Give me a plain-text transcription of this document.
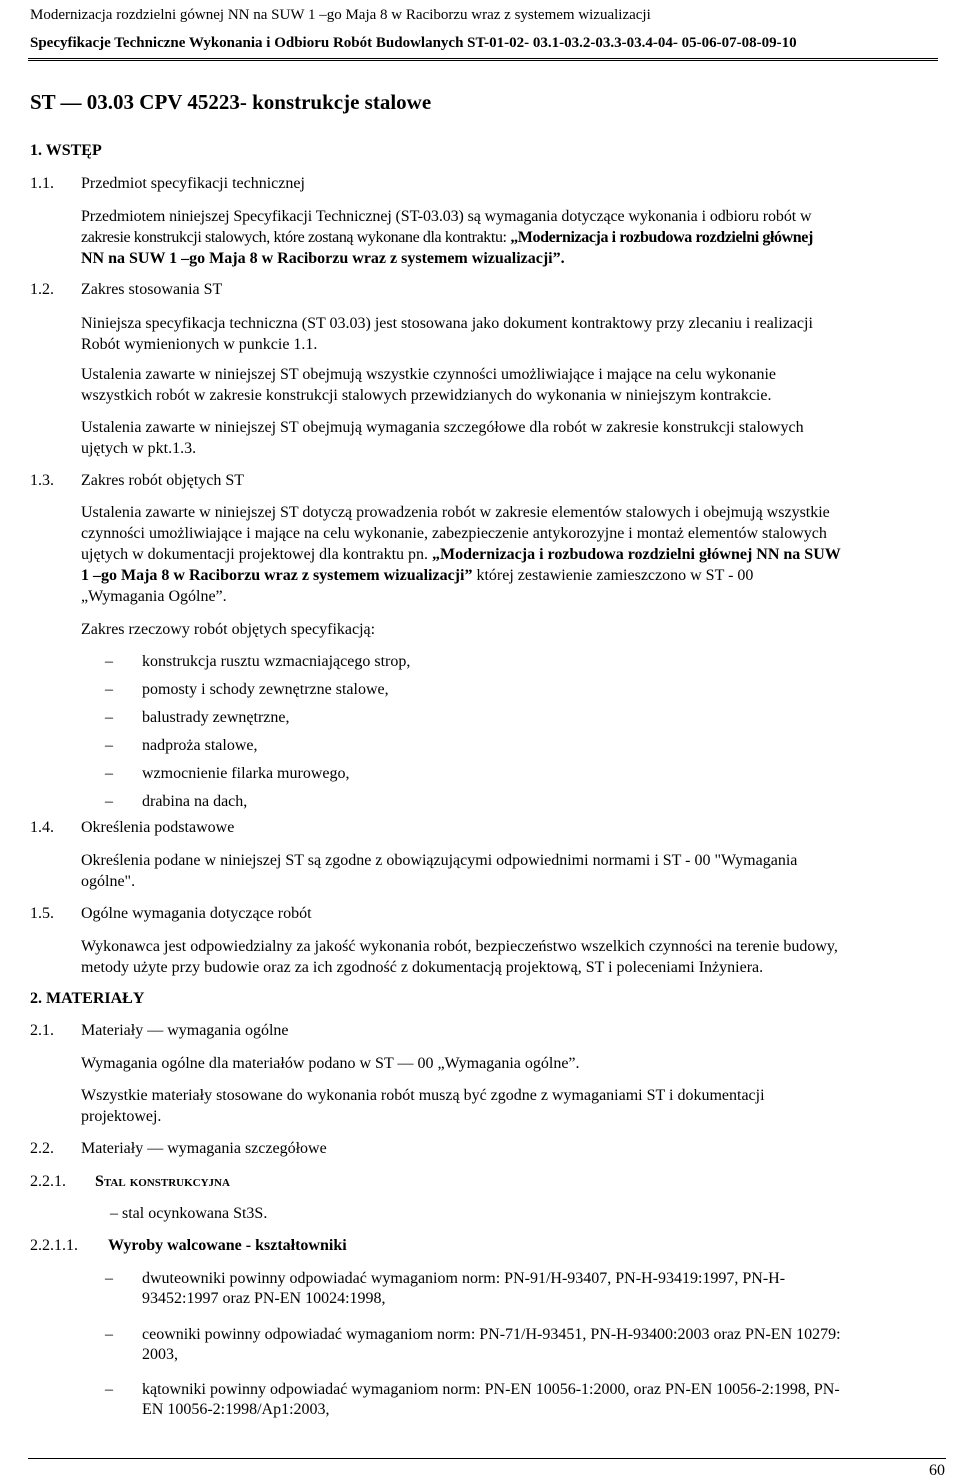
Modernizacja rozdzielni gównej NN na SUW 1 –go Maja 8 w Raciborzu wraz z systemem wizualizacji
Specyfikacje Techniczne Wykonania i Odbioru Robót Budowlanych ST-01-02- 03.1-03.2-03.3-03.4-04- 05-06-07-08-09-10
ST — 03.03 CPV 45223- konstrukcje stalowe
1. WSTĘP
1.1. Przedmiot specyfikacji technicznej
Przedmiotem niniejszej Specyfikacji Technicznej (ST-03.03) są wymagania dotyczące wykonania i odbioru robót w
zakresie konstrukcji stalowych, które zostaną wykonane dla kontraktu: „Modernizacja i rozbudowa rozdzielni głównej
NN na SUW 1 –go Maja 8 w Raciborzu wraz z systemem wizualizacji”.
1.2. Zakres stosowania ST
Niniejsza specyfikacja techniczna (ST 03.03) jest stosowana jako dokument kontraktowy przy zlecaniu i realizacji
Robót wymienionych w punkcie 1.1.
Ustalenia zawarte w niniejszej ST obejmują wszystkie czynności umożliwiające i mające na celu wykonanie
wszystkich robót w zakresie konstrukcji stalowych przewidzianych do wykonania w niniejszym kontrakcie.
Ustalenia zawarte w niniejszej ST obejmują wymagania szczegółowe dla robót w zakresie konstrukcji stalowych
ujętych w pkt.1.3.
1.3. Zakres robót objętych ST
Ustalenia zawarte w niniejszej ST dotyczą prowadzenia robót w zakresie elementów stalowych i obejmują wszystkie
czynności umożliwiające i mające na celu wykonanie, zabezpieczenie antykorozyjne i montaż elementów stalowych
ujętych w dokumentacji projektowej dla kontraktu pn. „Modernizacja i rozbudowa rozdzielni głównej NN na SUW
1 –go Maja 8 w Raciborzu wraz z systemem wizualizacji” której zestawienie zamieszczono w ST - 00
„Wymagania Ogólne”.
Zakres rzeczowy robót objętych specyfikacją:
– konstrukcja rusztu wzmacniającego strop,
– pomosty i schody zewnętrzne stalowe,
– balustrady zewnętrzne,
– nadproża stalowe,
– wzmocnienie filarka murowego,
– drabina na dach,
1.4. Określenia podstawowe
Określenia podane w niniejszej ST są zgodne z obowiązującymi odpowiednimi normami i ST - 00 "Wymagania
ogólne".
1.5. Ogólne wymagania dotyczące robót
Wykonawca jest odpowiedzialny za jakość wykonania robót, bezpieczeństwo wszelkich czynności na terenie budowy,
metody użyte przy budowie oraz za ich zgodność z dokumentacją projektową, ST i poleceniami Inżyniera.
2. MATERIAŁY
2.1. Materiały — wymagania ogólne
Wymagania ogólne dla materiałów podano w ST — 00 „Wymagania ogólne”.
Wszystkie materiały stosowane do wykonania robót muszą być zgodne z wymaganiami ST i dokumentacji
projektowej.
2.2. Materiały — wymagania szczegółowe
2.2.1. Stal konstrukcyjna
– stal ocynkowana St3S.
2.2.1.1. Wyroby walcowane - kształtowniki
– dwuteowniki powinny odpowiadać wymaganiom norm: PN-91/H-93407, PN-H-93419:1997, PN-H-
93452:1997 oraz PN-EN 10024:1998,
– ceowniki powinny odpowiadać wymaganiom norm: PN-71/H-93451, PN-H-93400:2003 oraz PN-EN 10279:
2003,
– kątowniki powinny odpowiadać wymaganiom norm: PN-EN 10056-1:2000, oraz PN-EN 10056-2:1998, PN-
EN 10056-2:1998/Ap1:2003,
60
